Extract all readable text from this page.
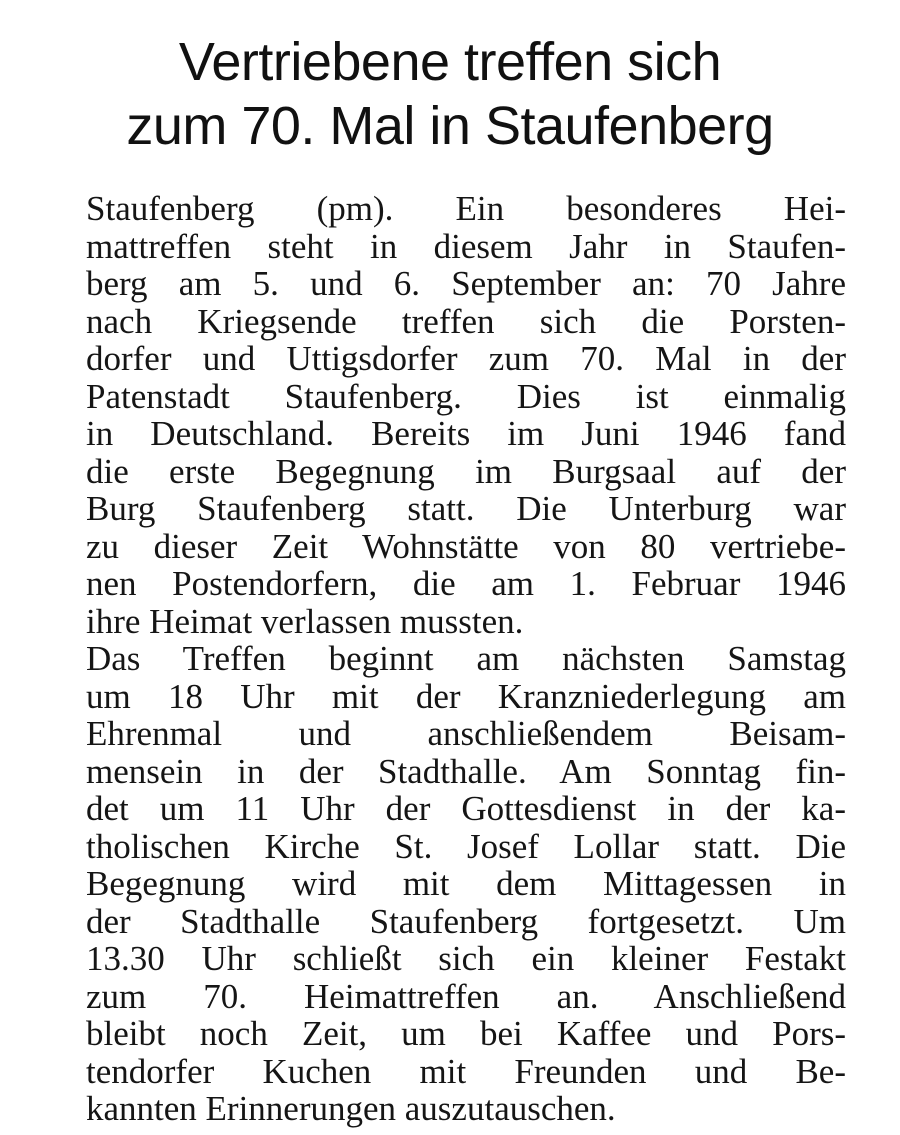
Vertriebene treffen sich
zum 70. Mal in Staufenberg

Staufenberg (pm). Ein besonderes Hei-
mattreffen steht in diesem Jahr in Staufen-
berg am 5. und 6. September an: 70 Jahre
nach Kriegsende treffen sich die Porsten-
dorfer und Uttigsdorfer zum 70. Mal in der
Patenstadt Staufenberg. Dies ist einmalig
in Deutschland. Bereits im Juni 1946 fand
die erste Begegnung im Burgsaal auf der
Burg Staufenberg statt. Die Unterburg war
zu dieser Zeit Wohnstätte von 80 vertriebe-
nen Postendorfern, die am 1. Februar 1946
ihre Heimat verlassen mussten.

Das Treffen beginnt am nächsten Samstag
um 18 Uhr mit der Kranzniederlegung am
Ehrenmal und anschließendem Beisam-
mensein in der Stadthalle. Am Sonntag fin-
det um 11 Uhr der Gottesdienst in der ka-
tholischen Kirche St. Josef Lollar statt. Die
Begegnung wird mit dem Mittagessen in
der Stadthalle Staufenberg fortgesetzt. Um
13.30 Uhr schließt sich ein kleiner Festakt
zum 70. Heimattreffen an. Anschließend
bleibt noch Zeit, um bei Kaffee und Pors-
tendorfer Kuchen mit Freunden und Be-
kannten Erinnerungen auszutauschen.
